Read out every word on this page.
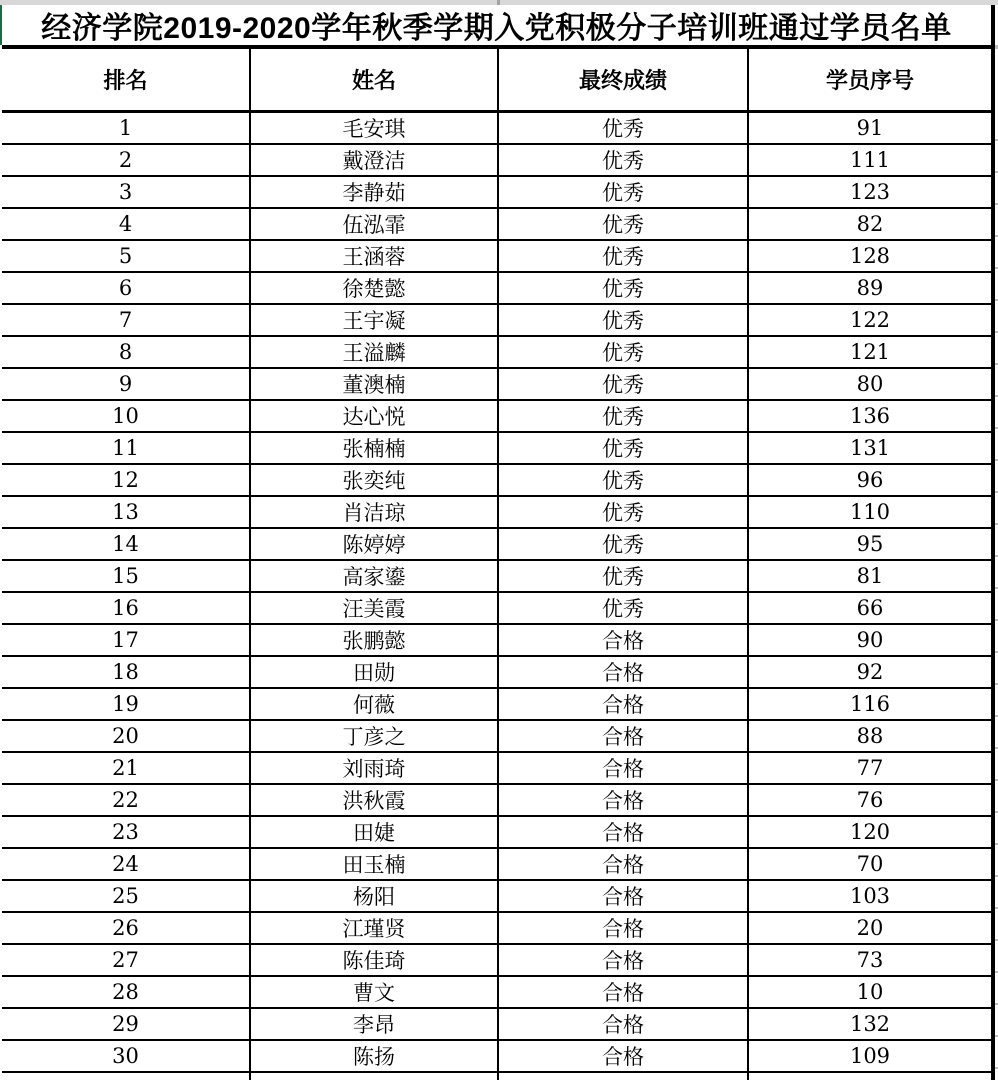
经济学院2019-2020学年秋季学期入党积极分子培训班通过学员名单
排名	姓名	最终成绩	学员序号
1	毛安琪	优秀	91
2	戴澄洁	优秀	111
3	李静茹	优秀	123
4	伍泓霏	优秀	82
5	王涵蓉	优秀	128
6	徐楚懿	优秀	89
7	王宇凝	优秀	122
8	王溢麟	优秀	121
9	董澳楠	优秀	80
10	达心悦	优秀	136
11	张楠楠	优秀	131
12	张奕纯	优秀	96
13	肖洁琼	优秀	110
14	陈婷婷	优秀	95
15	高家鎏	优秀	81
16	汪美霞	优秀	66
17	张鹏懿	合格	90
18	田勋	合格	92
19	何薇	合格	116
20	丁彦之	合格	88
21	刘雨琦	合格	77
22	洪秋霞	合格	76
23	田婕	合格	120
24	田玉楠	合格	70
25	杨阳	合格	103
26	江瑾贤	合格	20
27	陈佳琦	合格	73
28	曹文	合格	10
29	李昂	合格	132
30	陈扬	合格	109
